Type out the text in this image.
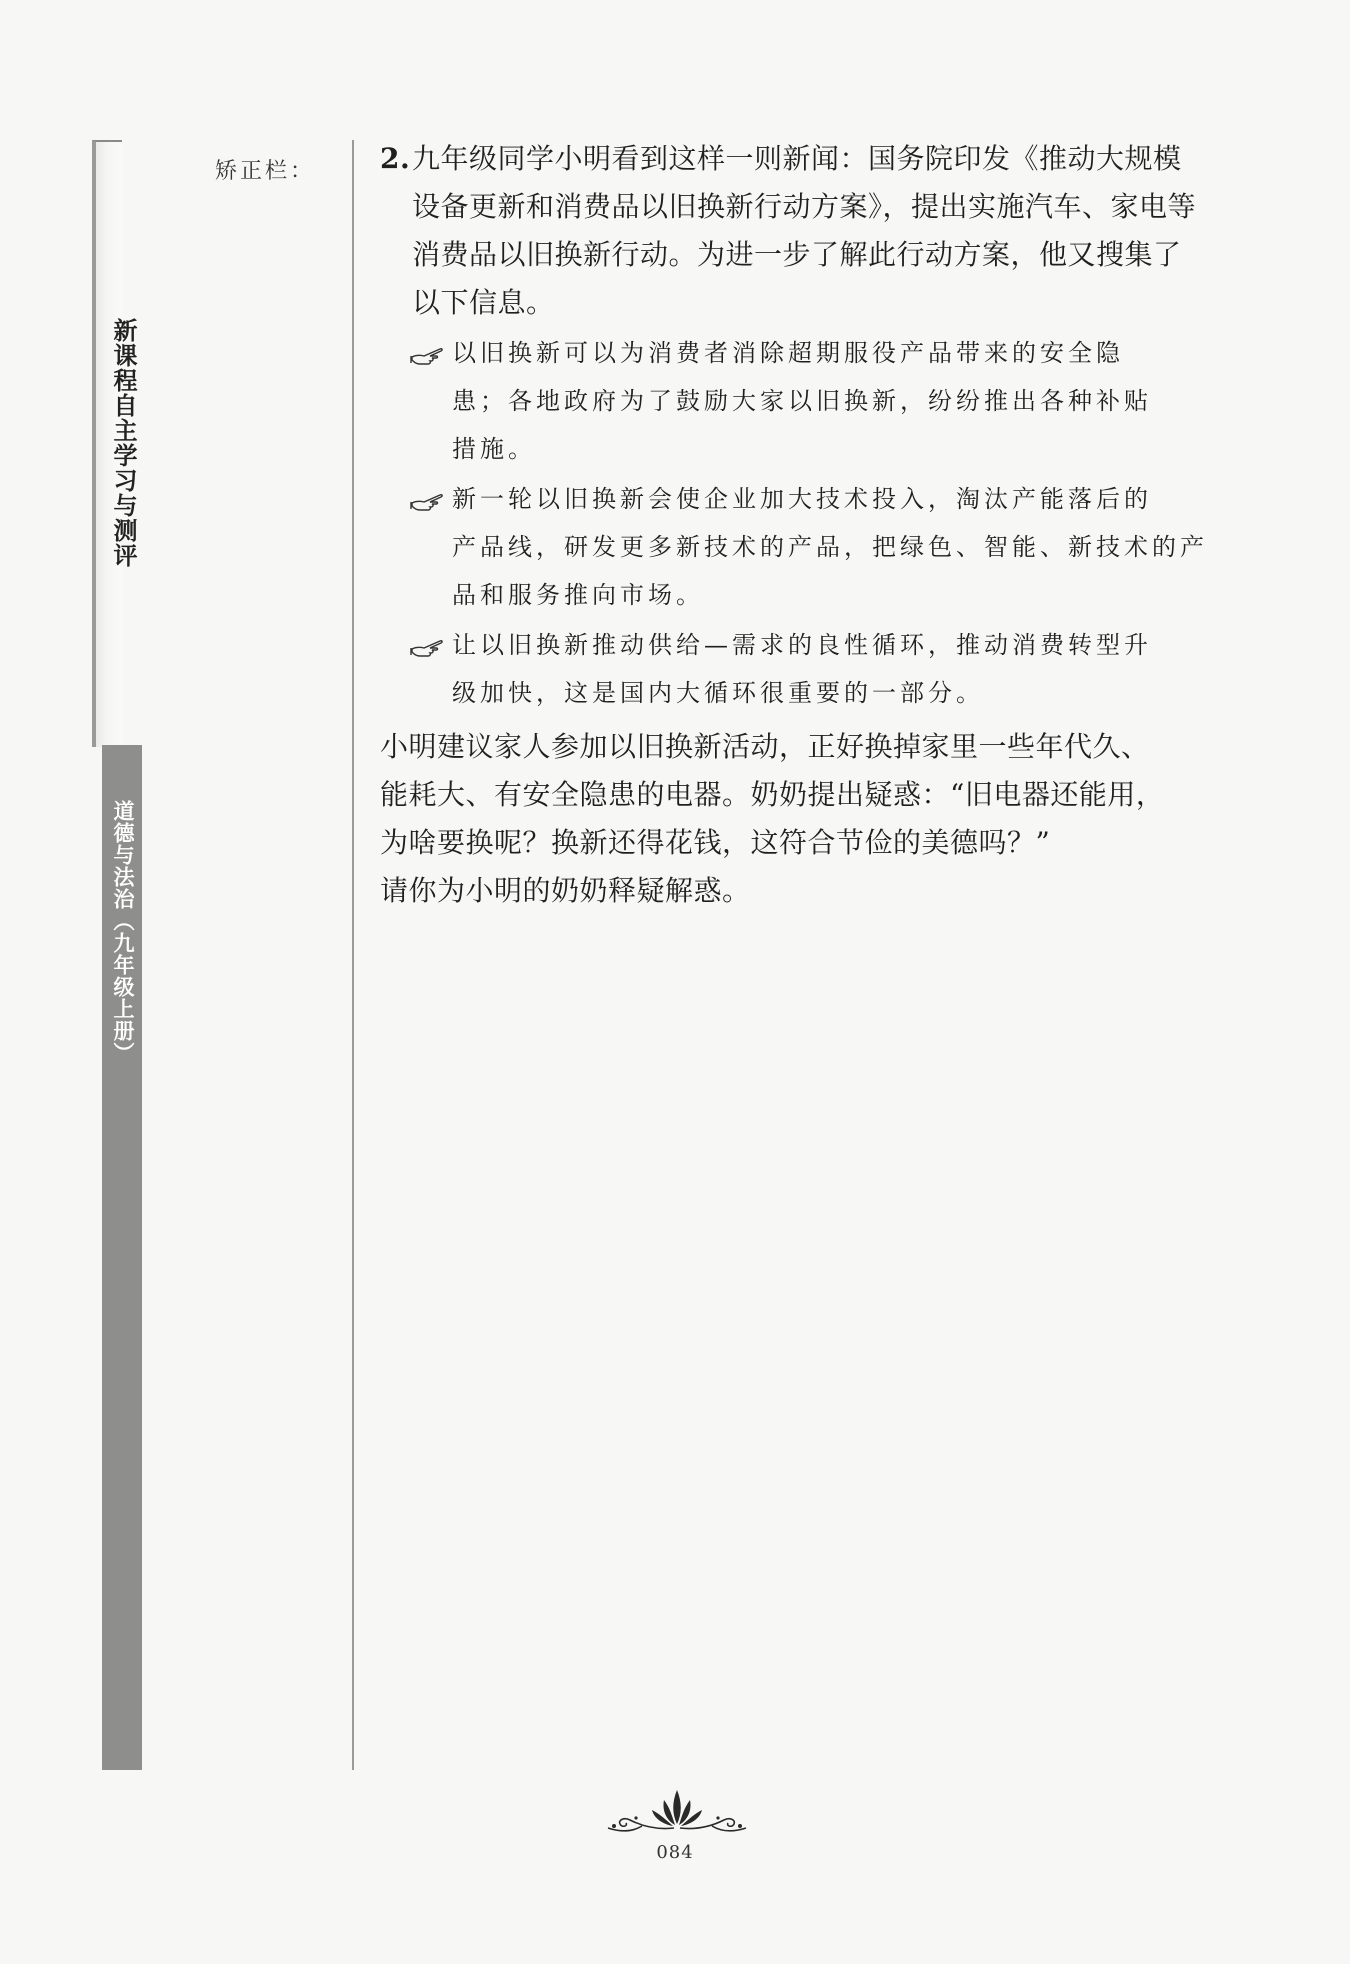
新课程自主学习与测评
道德与法治（九年级上册）
矫正栏： 2.九年级同学小明看到这样一则新闻：国务院印发《推动大规模
设备更新和消费品以旧换新行动方案》，提出实施汽车、家电等
消费品以旧换新行动。为进一步了解此行动方案，他又搜集了
以下信息。
以旧换新可以为消费者消除超期服役产品带来的安全隐
患；各地政府为了鼓励大家以旧换新，纷纷推出各种补贴
措施。
新一轮以旧换新会使企业加大技术投入，淘汰产能落后的
产品线，研发更多新技术的产品，把绿色、智能、新技术的产
品和服务推向市场。
让以旧换新推动供给—需求的良性循环，推动消费转型升
级加快，这是国内大循环很重要的一部分。
小明建议家人参加以旧换新活动，正好换掉家里一些年代久、
能耗大、有安全隐患的电器。奶奶提出疑惑：“旧电器还能用，
为啥要换呢？换新还得花钱，这符合节俭的美德吗？”
请你为小明的奶奶释疑解惑。
084
